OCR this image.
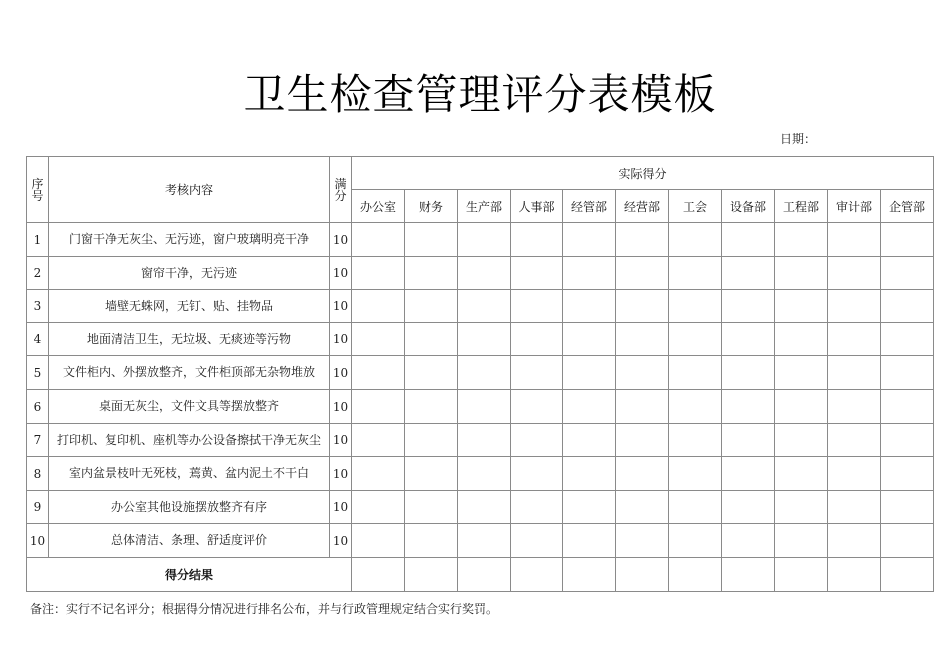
卫生检查管理评分表模板
日期：
序号	考核内容	满分	实际得分										
			办公室	财务	生产部	人事部	经管部	经营部	工会	设备部	工程部	审计部	企管部
1	门窗干净无灰尘、无污迹，窗户玻璃明亮干净	10											
2	窗帘干净，无污迹	10											
3	墙壁无蛛网，无钉、贴、挂物品	10											
4	地面清洁卫生，无垃圾、无痰迹等污物	10											
5	文件柜内、外摆放整齐，文件柜顶部无杂物堆放	10											
6	桌面无灰尘，文件文具等摆放整齐	10											
7	打印机、复印机、座机等办公设备擦拭干净无灰尘	10											
8	室内盆景枝叶无死枝，蔫黄、盆内泥土不干白	10											
9	办公室其他设施摆放整齐有序	10											
10	总体清洁、条理、舒适度评价	10											
得分结果													
备注：实行不记名评分；根据得分情况进行排名公布，并与行政管理规定结合实行奖罚。
